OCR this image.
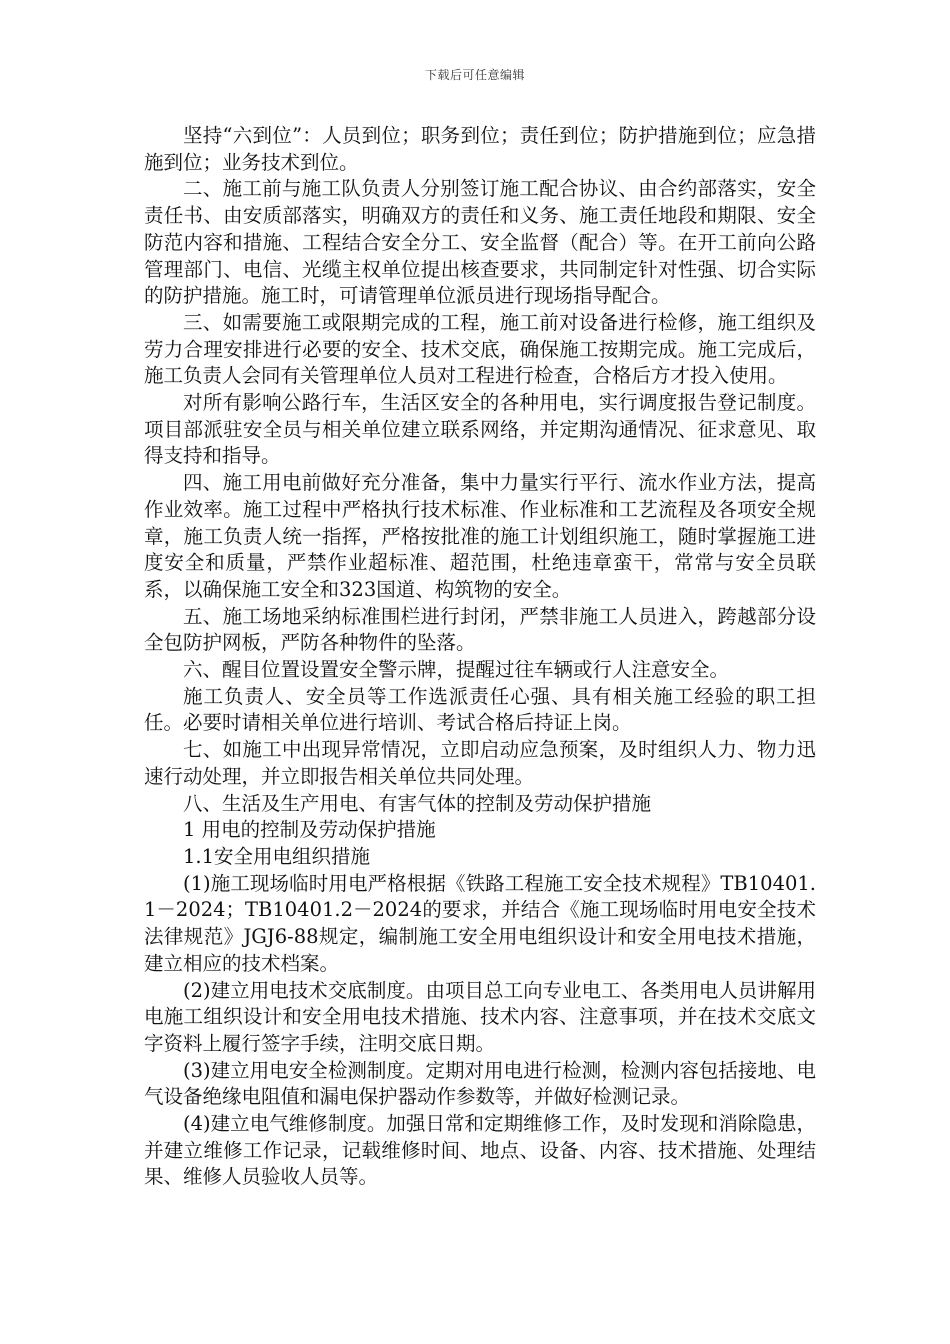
下载后可任意编辑

坚持“六到位”：人员到位；职务到位；责任到位；防护措施到位；应急措施到位；业务技术到位。

二、施工前与施工队负责人分别签订施工配合协议、由合约部落实，安全责任书、由安质部落实，明确双方的责任和义务、施工责任地段和期限、安全防范内容和措施、工程结合安全分工、安全监督（配合）等。在开工前向公路管理部门、电信、光缆主权单位提出核查要求，共同制定针对性强、切合实际的防护措施。施工时，可请管理单位派员进行现场指导配合。

三、如需要施工或限期完成的工程，施工前对设备进行检修，施工组织及劳力合理安排进行必要的安全、技术交底，确保施工按期完成。施工完成后，施工负责人会同有关管理单位人员对工程进行检查，合格后方才投入使用。

对所有影响公路行车，生活区安全的各种用电，实行调度报告登记制度。项目部派驻安全员与相关单位建立联系网络，并定期沟通情况、征求意见、取得支持和指导。

四、施工用电前做好充分准备，集中力量实行平行、流水作业方法，提高作业效率。施工过程中严格执行技术标准、作业标准和工艺流程及各项安全规章，施工负责人统一指挥，严格按批准的施工计划组织施工，随时掌握施工进度安全和质量，严禁作业超标准、超范围，杜绝违章蛮干，常常与安全员联系，以确保施工安全和323国道、构筑物的安全。

五、施工场地采纳标准围栏进行封闭，严禁非施工人员进入，跨越部分设全包防护网板，严防各种物件的坠落。

六、醒目位置设置安全警示牌，提醒过往车辆或行人注意安全。

施工负责人、安全员等工作选派责任心强、具有相关施工经验的职工担任。必要时请相关单位进行培训、考试合格后持证上岗。

七、如施工中出现异常情况，立即启动应急预案，及时组织人力、物力迅速行动处理，并立即报告相关单位共同处理。

八、生活及生产用电、有害气体的控制及劳动保护措施

1 用电的控制及劳动保护措施

1.1安全用电组织措施

(1)施工现场临时用电严格根据《铁路工程施工安全技术规程》TB10401.1－2024；TB10401.2－2024的要求，并结合《施工现场临时用电安全技术法律规范》JGJ6-88规定，编制施工安全用电组织设计和安全用电技术措施，建立相应的技术档案。

(2)建立用电技术交底制度。由项目总工向专业电工、各类用电人员讲解用电施工组织设计和安全用电技术措施、技术内容、注意事项，并在技术交底文字资料上履行签字手续，注明交底日期。

(3)建立用电安全检测制度。定期对用电进行检测，检测内容包括接地、电气设备绝缘电阻值和漏电保护器动作参数等，并做好检测记录。

(4)建立电气维修制度。加强日常和定期维修工作，及时发现和消除隐患，并建立维修工作记录，记载维修时间、地点、设备、内容、技术措施、处理结果、维修人员验收人员等。
